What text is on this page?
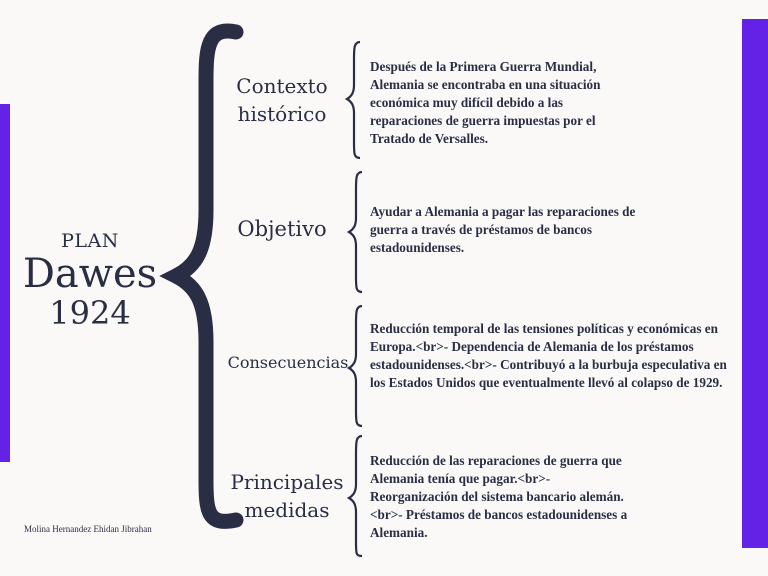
PLAN
Dawes
1924
Contexto
histórico
Objetivo
Consecuencias
Principales
medidas
Después de la Primera Guerra Mundial, Alemania se encontraba en una situación económica muy difícil debido a las reparaciones de guerra impuestas por el Tratado de Versalles.
Ayudar a Alemania a pagar las reparaciones de guerra a través de préstamos de bancos estadounidenses.
Reducción temporal de las tensiones políticas y económicas en Europa.<br>- Dependencia de Alemania de los préstamos estadounidenses.<br>- Contribuyó a la burbuja especulativa en los Estados Unidos que eventualmente llevó al colapso de 1929.
Reducción de las reparaciones de guerra que Alemania tenía que pagar.<br>- Reorganización del sistema bancario alemán.<br>- Préstamos de bancos estadounidenses a Alemania.
Molina Hernandez Ehidan Jibrahan
